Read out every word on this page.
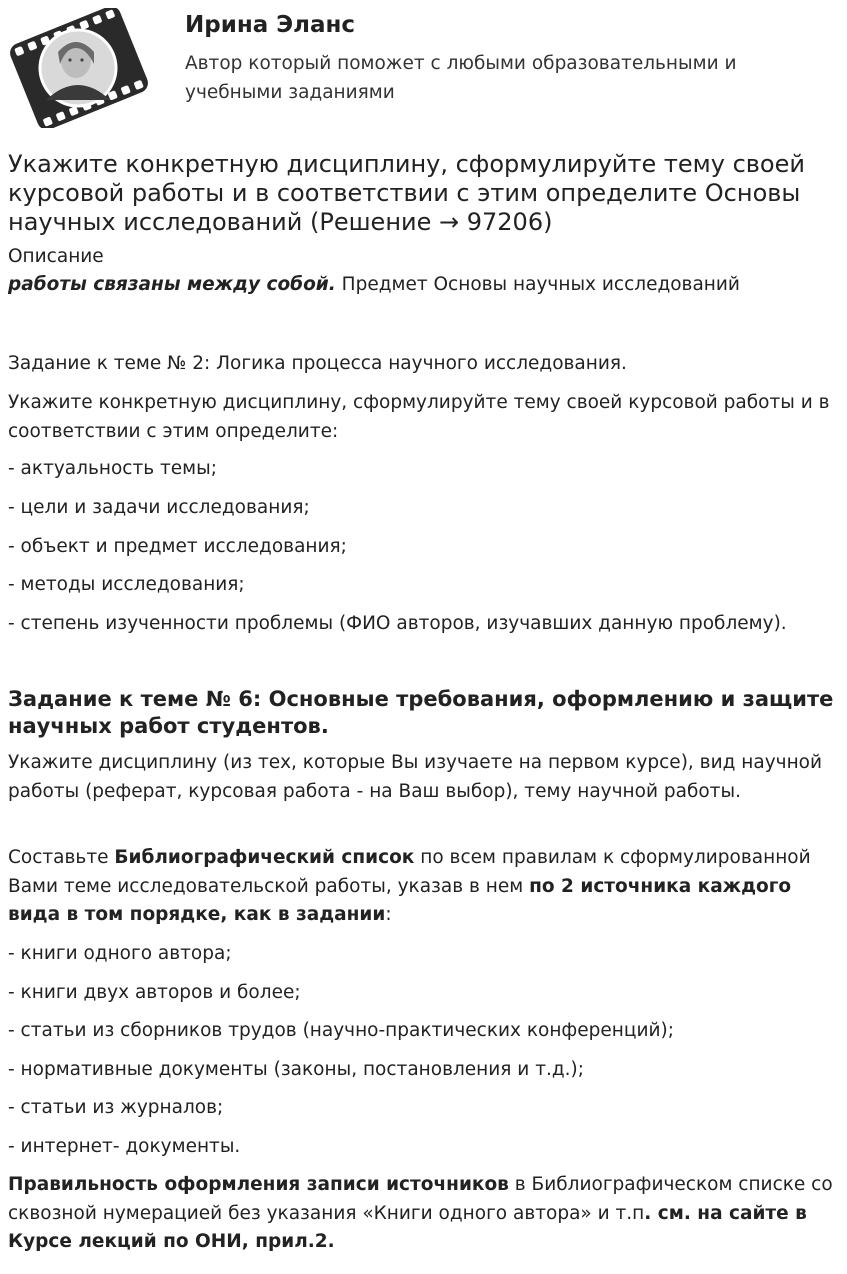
Ирина Эланс
Автор который поможет с любыми образовательными и учебными заданиями
Укажите конкретную дисциплину, сформулируйте тему своей курсовой работы и в соответствии с этим определите Основы научных исследований (Решение → 97206)
Описание
работы связаны между собой. Предмет Основы научных исследований
Задание к теме № 2: Логика процесса научного исследования.
Укажите конкретную дисциплину, сформулируйте тему своей курсовой работы и в соответствии с этим определите:
- актуальность темы;
- цели и задачи исследования;
- объект и предмет исследования;
- методы исследования;
- степень изученности проблемы (ФИО авторов, изучавших данную проблему).
Задание к теме № 6: Основные требования, оформлению и защите научных работ студентов.
Укажите дисциплину (из тех, которые Вы изучаете на первом курсе), вид научной работы (реферат, курсовая работа - на Ваш выбор), тему научной работы.
Составьте Библиографический список по всем правилам к сформулированной Вами теме исследовательской работы, указав в нем по 2 источника каждого вида в том порядке, как в задании:
- книги одного автора;
- книги двух авторов и более;
- статьи из сборников трудов (научно-практических конференций);
- нормативные документы (законы, постановления и т.д.);
- статьи из журналов;
- интернет- документы.
Правильность оформления записи источников в Библиографическом списке со сквозной нумерацией без указания «Книги одного автора» и т.п. см. на сайте в Курсе лекций по ОНИ, прил.2.
